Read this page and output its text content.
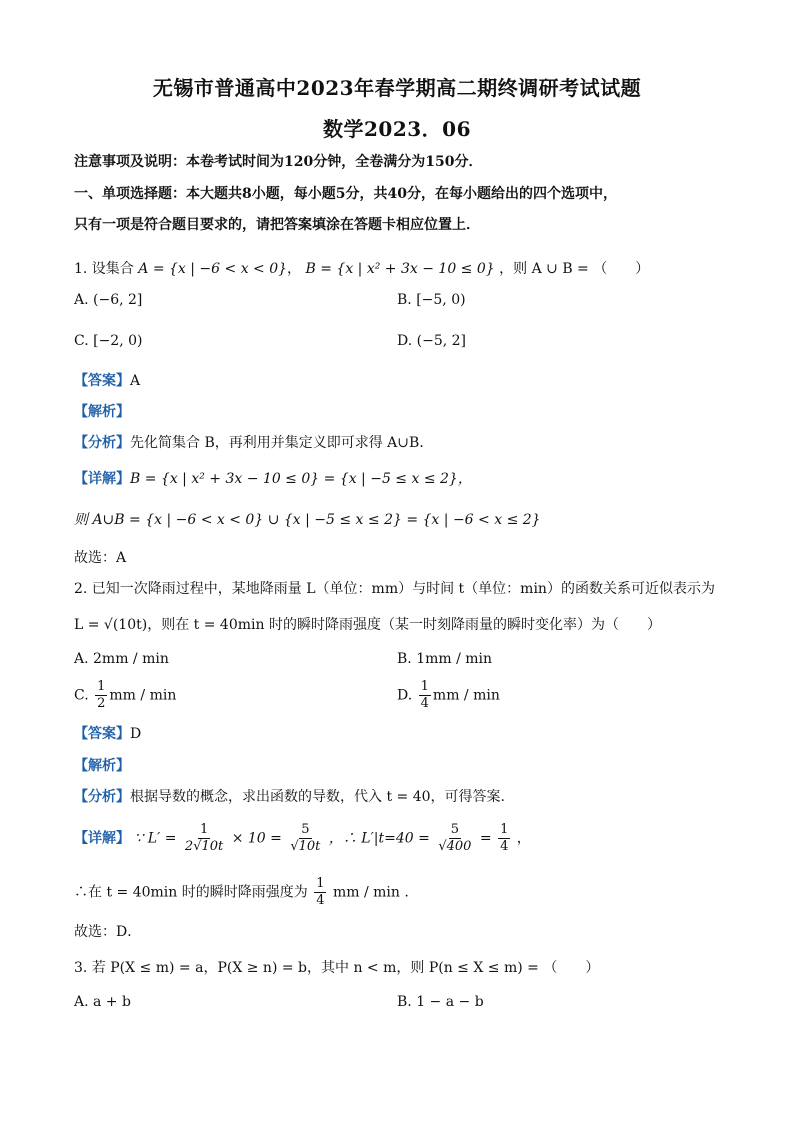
无锡市普通高中2023年春学期高二期终调研考试试题
数学2023．06
注意事项及说明：本卷考试时间为120分钟，全卷满分为150分．
一、单项选择题：本大题共8小题，每小题5分，共40分，在每小题给出的四个选项中，
只有一项是符合题目要求的，请把答案填涂在答题卡相应位置上．
1. 设集合 A = {x | −6 < x < 0}， B = {x | x² + 3x − 10 ≤ 0} ，则 A ∪ B = （　　）
A. (−6, 2]	B. [−5, 0)
C. [−2, 0)	D. (−5, 2]
【答案】A
【解析】
【分析】先化简集合 B，再利用并集定义即可求得 A∪B．
【详解】B = {x | x² + 3x − 10 ≤ 0} = {x | −5 ≤ x ≤ 2}，
则 A∪B = {x | −6 < x < 0} ∪ {x | −5 ≤ x ≤ 2} = {x | −6 < x ≤ 2}
故选：A
2. 已知一次降雨过程中，某地降雨量 L（单位：mm）与时间 t（单位：min）的函数关系可近似表示为
L = √(10t)，则在 t = 40min 时的瞬时降雨强度（某一时刻降雨量的瞬时变化率）为（　　）
A. 2mm / min	B. 1mm / min
C. $\frac{1}{2}$ mm / min	D. $\frac{1}{4}$ mm / min
【答案】D
【解析】
【分析】根据导数的概念，求出函数的导数，代入 t = 40，可得答案.
【详解】 ∵ $L' = \frac{1}{2√10t} \times 10 = \frac{5}{√10t}$ ，∴ $L'|t=40 = \frac{5}{√400} = \frac{1}{4}$ ，
∴在 t = 40min 时的瞬时降雨强度为 $\frac{1}{4}$ mm / min .
故选：D．
3. 若 P(X ≤ m) = a，P(X ≥ n) = b，其中 n < m，则 P(n ≤ X ≤ m) = （　　）
A. a + b	B. 1 − a − b
